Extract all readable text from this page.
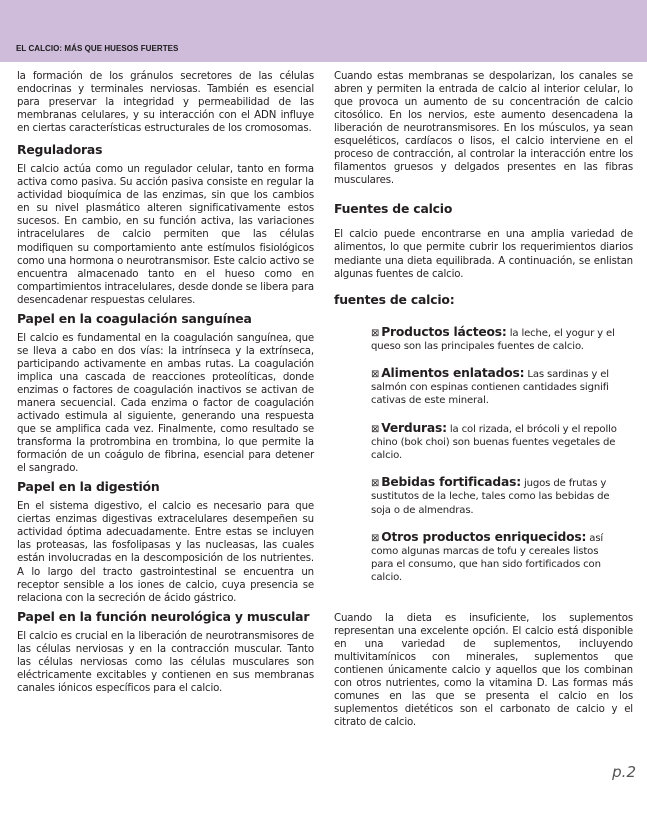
EL CALCIO: MÁS QUE HUESOS FUERTES

la formación de los gránulos secretores de las células endocrinas y terminales nerviosas. También es esencial para preservar la integridad y permeabilidad de las membranas celulares, y su interacción con el ADN influye en ciertas características estructurales de los cromosomas.

Reguladoras

El calcio actúa como un regulador celular, tanto en forma activa como pasiva. Su acción pasiva consiste en regular la actividad bioquímica de las enzimas, sin que los cambios en su nivel plasmático alteren significativamente estos sucesos. En cambio, en su función activa, las variaciones intracelulares de calcio permiten que las células modifiquen su comportamiento ante estímulos fisiológicos como una hormona o neurotransmisor. Este calcio activo se encuentra almacenado tanto en el hueso como en compartimientos intracelulares, desde donde se libera para desencadenar respuestas celulares.

Papel en la coagulación sanguínea

El calcio es fundamental en la coagulación sanguínea, que se lleva a cabo en dos vías: la intrínseca y la extrínseca, participando activamente en ambas rutas. La coagulación implica una cascada de reacciones proteolíticas, donde enzimas o factores de coagulación inactivos se activan de manera secuencial. Cada enzima o factor de coagulación activado estimula al siguiente, generando una respuesta que se amplifica cada vez. Finalmente, como resultado se transforma la protrombina en trombina, lo que permite la formación de un coágulo de fibrina, esencial para detener el sangrado.

Papel en la digestión

En el sistema digestivo, el calcio es necesario para que ciertas enzimas digestivas extracelulares desempeñen su actividad óptima adecuadamente. Entre estas se incluyen las proteasas, las fosfolipasas y las nucleasas, las cuales están involucradas en la descomposición de los nutrientes. A lo largo del tracto gastrointestinal se encuentra un receptor sensible a los iones de calcio, cuya presencia se relaciona con la secreción de ácido gástrico.

Papel en la función neurológica y muscular

El calcio es crucial en la liberación de neurotransmisores de las células nerviosas y en la contracción muscular. Tanto las células nerviosas como las células musculares son eléctricamente excitables y contienen en sus membranas canales iónicos específicos para el calcio.

Cuando estas membranas se despolarizan, los canales se abren y permiten la entrada de calcio al interior celular, lo que provoca un aumento de su concentración de calcio citosólico. En los nervios, este aumento desencadena la liberación de neurotransmisores. En los músculos, ya sean esqueléticos, cardíacos o lisos, el calcio interviene en el proceso de contracción, al controlar la interacción entre los filamentos gruesos y delgados presentes en las fibras musculares.

Fuentes de calcio

El calcio puede encontrarse en una amplia variedad de alimentos, lo que permite cubrir los requerimientos diarios mediante una dieta equilibrada. A continuación, se enlistan algunas fuentes de calcio.

fuentes de calcio:
⊠ Productos lácteos: la leche, el yogur y el queso son las principales fuentes de calcio.
⊠ Alimentos enlatados: Las sardinas y el salmón con espinas contienen cantidades signifi cativas de este mineral.
⊠ Verduras: la col rizada, el brócoli y el repollo chino (bok choi) son buenas fuentes vegetales de calcio.
⊠ Bebidas fortificadas: jugos de frutas y sustitutos de la leche, tales como las bebidas de soja o de almendras.
⊠ Otros productos enriquecidos: así como algunas marcas de tofu y cereales listos para el consumo, que han sido fortificados con calcio.

Cuando la dieta es insuficiente, los suplementos representan una excelente opción. El calcio está disponible en una variedad de suplementos, incluyendo multivitamínicos con minerales, suplementos que contienen únicamente calcio y aquellos que los combinan con otros nutrientes, como la vitamina D. Las formas más comunes en las que se presenta el calcio en los suplementos dietéticos son el carbonato de calcio y el citrato de calcio.

p.2
